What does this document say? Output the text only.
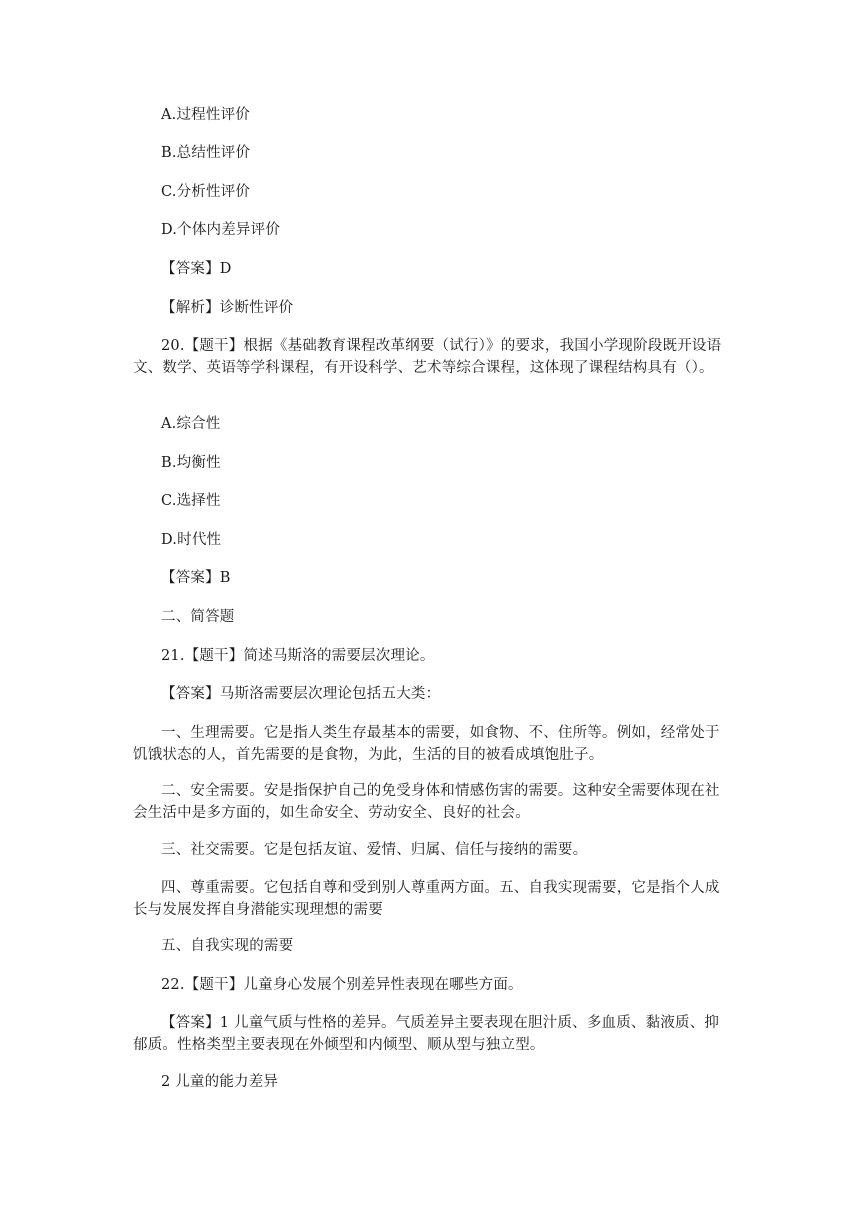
A.过程性评价

B.总结性评价

C.分析性评价

D.个体内差异评价

【答案】D

【解析】诊断性评价

20.【题干】根据《基础教育课程改革纲要（试行）》的要求，我国小学现阶段既开设语文、数学、英语等学科课程，有开设科学、艺术等综合课程，这体现了课程结构具有（）。

A.综合性

B.均衡性

C.选择性

D.时代性

【答案】B

二、简答题

21.【题干】简述马斯洛的需要层次理论。

【答案】马斯洛需要层次理论包括五大类：

一、生理需要。它是指人类生存最基本的需要，如食物、不、住所等。例如，经常处于饥饿状态的人，首先需要的是食物，为此，生活的目的被看成填饱肚子。

二、安全需要。安是指保护自己的免受身体和情感伤害的需要。这种安全需要体现在社会生活中是多方面的，如生命安全、劳动安全、良好的社会。

三、社交需要。它是包括友谊、爱情、归属、信任与接纳的需要。

四、尊重需要。它包括自尊和受到别人尊重两方面。五、自我实现需要，它是指个人成长与发展发挥自身潜能实现理想的需要

五、自我实现的需要

22.【题干】儿童身心发展个别差异性表现在哪些方面。

【答案】1 儿童气质与性格的差异。气质差异主要表现在胆汁质、多血质、黏液质、抑郁质。性格类型主要表现在外倾型和内倾型、顺从型与独立型。

2 儿童的能力差异
